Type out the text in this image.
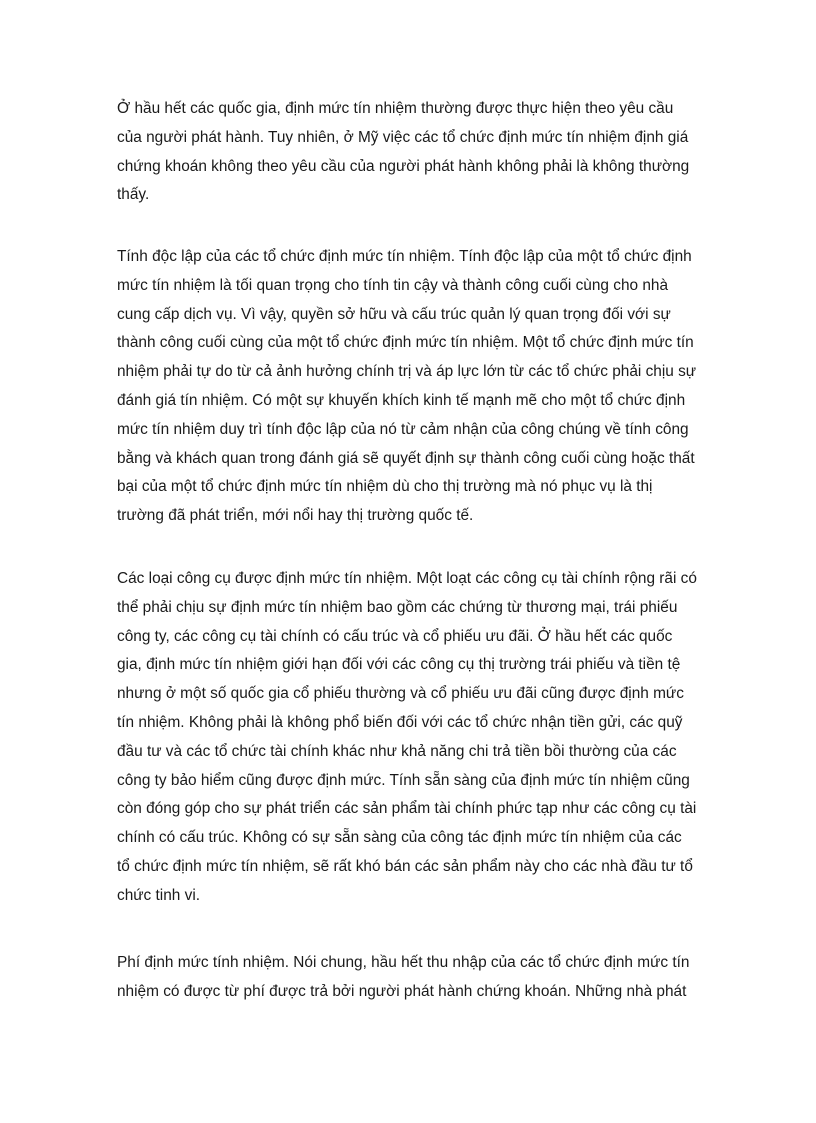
Ở hầu hết các quốc gia, định mức tín nhiệm thường được thực hiện theo yêu cầu
của người phát hành. Tuy nhiên, ở Mỹ việc các tổ chức định mức tín nhiệm định giá
chứng khoán không theo yêu cầu của người phát hành không phải là không thường
thấy.

Tính độc lập của các tổ chức định mức tín nhiệm. Tính độc lập của một tổ chức định
mức tín nhiệm là tối quan trọng cho tính tin cậy và thành công cuối cùng cho nhà
cung cấp dịch vụ. Vì vậy, quyền sở hữu và cấu trúc quản lý quan trọng đối với sự
thành công cuối cùng của một tổ chức định mức tín nhiệm. Một tổ chức định mức tín
nhiệm phải tự do từ cả ảnh hưởng chính trị và áp lực lớn từ các tổ chức phải chịu sự
đánh giá tín nhiệm. Có một sự khuyến khích kinh tế mạnh mẽ cho một tổ chức định
mức tín nhiệm duy trì tính độc lập của nó từ cảm nhận của công chúng về tính công
bằng và khách quan trong đánh giá sẽ quyết định sự thành công cuối cùng hoặc thất
bại của một tổ chức định mức tín nhiệm dù cho thị trường mà nó phục vụ là thị
trường đã phát triển, mới nổi hay thị trường quốc tế.

Các loại công cụ được định mức tín nhiệm. Một loạt các công cụ tài chính rộng rãi có
thể phải chịu sự định mức tín nhiệm bao gồm các chứng từ thương mại, trái phiếu
công ty, các công cụ tài chính có cấu trúc và cổ phiếu ưu đãi. Ở hầu hết các quốc
gia, định mức tín nhiệm giới hạn đối với các công cụ thị trường trái phiếu và tiền tệ
nhưng ở một số quốc gia cổ phiếu thường và cổ phiếu ưu đãi cũng được định mức
tín nhiệm. Không phải là không phổ biến đối với các tổ chức nhận tiền gửi, các quỹ
đầu tư và các tổ chức tài chính khác như khả năng chi trả tiền bồi thường của các
công ty bảo hiểm cũng được định mức. Tính sẵn sàng của định mức tín nhiệm cũng
còn đóng góp cho sự phát triển các sản phẩm tài chính phức tạp như các công cụ tài
chính có cấu trúc. Không có sự sẵn sàng của công tác định mức tín nhiệm của các
tổ chức định mức tín nhiệm, sẽ rất khó bán các sản phẩm này cho các nhà đầu tư tổ
chức tinh vi.

Phí định mức tính nhiệm. Nói chung, hầu hết thu nhập của các tổ chức định mức tín
nhiệm có được từ phí được trả bởi người phát hành chứng khoán. Những nhà phát
